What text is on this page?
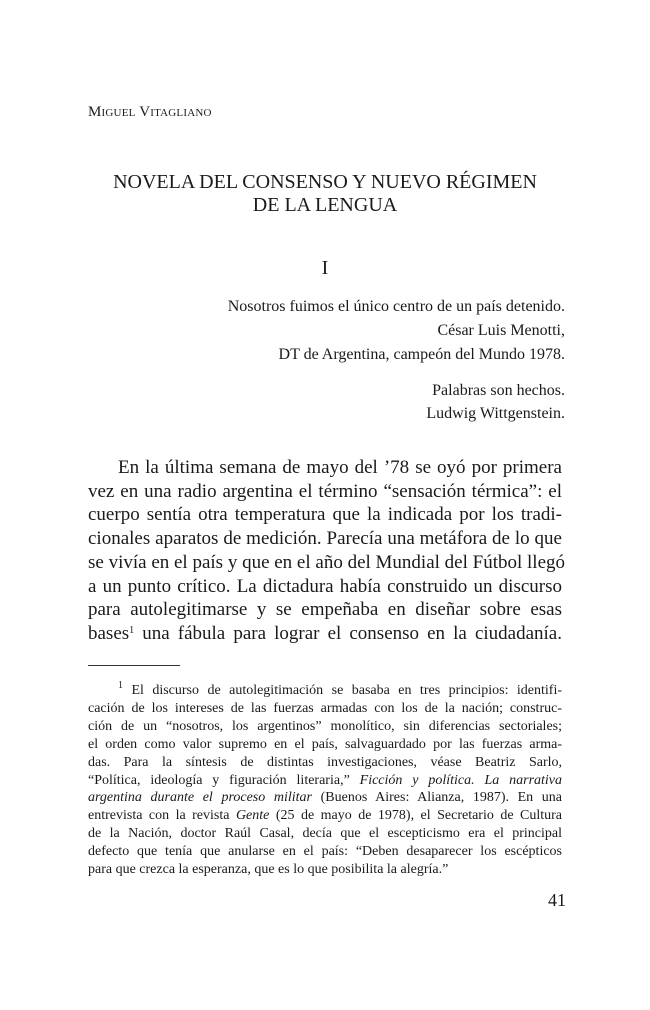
Miguel Vitagliano
NOVELA DEL CONSENSO Y NUEVO RÉGIMEN
DE LA LENGUA
I
Nosotros fuimos el único centro de un país detenido.
César Luis Menotti,
DT de Argentina, campeón del Mundo 1978.
Palabras son hechos.
Ludwig Wittgenstein.
En la última semana de mayo del ’78 se oyó por primera
vez en una radio argentina el término “sensación térmica”: el
cuerpo sentía otra temperatura que la indicada por los tradi-
cionales aparatos de medición. Parecía una metáfora de lo que
se vivía en el país y que en el año del Mundial del Fútbol llegó
a un punto crítico. La dictadura había construido un discurso
para autolegitimarse y se empeñaba en diseñar sobre esas
bases$^1$ una fábula para lograr el consenso en la ciudadanía.
$^1$ El discurso de autolegitimación se basaba en tres principios: identifi-
cación de los intereses de las fuerzas armadas con los de la nación; construc-
ción de un “nosotros, los argentinos” monolítico, sin diferencias sectoriales;
el orden como valor supremo en el país, salvaguardado por las fuerzas arma-
das. Para la síntesis de distintas investigaciones, véase Beatriz Sarlo,
“Política, ideología y figuración literaria,” Ficción y política. La narrativa
argentina durante el proceso militar (Buenos Aires: Alianza, 1987). En una
entrevista con la revista Gente (25 de mayo de 1978), el Secretario de Cultura
de la Nación, doctor Raúl Casal, decía que el escepticismo era el principal
defecto que tenía que anularse en el país: “Deben desaparecer los escépticos
para que crezca la esperanza, que es lo que posibilita la alegría.”
41
